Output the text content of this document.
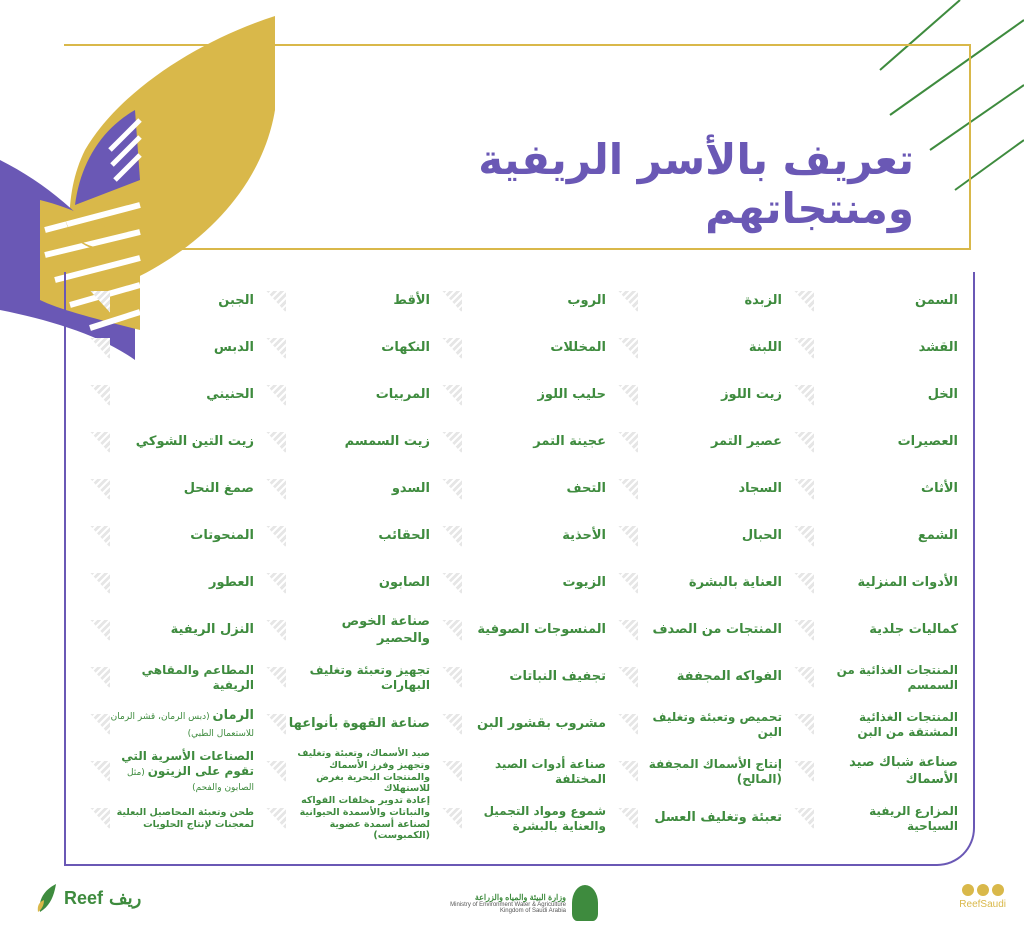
تعريف بالأسر الريفية ومنتجاتهم
السمن
الزبدة
الروب
الأقط
الجبن
القشد
اللبنة
المخللات
النكهات
الدبس
الخل
زيت اللوز
حليب اللوز
المربيات
الحنيني
العصيرات
عصير التمر
عجينة التمر
زيت السمسم
زيت التين الشوكي
الأثاث
السجاد
التحف
السدو
صمغ النحل
الشمع
الحبال
الأحذية
الحقائب
المنحوتات
الأدوات المنزلية
العناية بالبشرة
الزيوت
الصابون
العطور
كماليات جلدية
المنتجات من الصدف
المنسوجات الصوفية
صناعة الخوص والحصير
النزل الريفية
المنتجات الغذائية من السمسم
الفواكه المجففة
تجفيف النباتات
تجهيز وتعبئة وتغليف البهارات
المطاعم والمقاهي الريفية
المنتجات الغذائية المشتقة من البن
تحميص وتعبئة وتغليف البن
مشروب بقشور البن
صناعة القهوة بأنواعها
الرمان (دبس الرمان، قشر الرمان للاستعمال الطبي)
صناعة شباك صيد الأسماك
إنتاج الأسماك المجففة (المالح)
صناعة أدوات الصيد المختلفة
صيد الأسماك، وتعبئة وتغليف وتجهيز وفرز الأسماك والمنتجات البحرية بغرض للاستهلاك
الصناعات الأسرية التي تقوم على الزيتون (مثل الصابون والفحم)
المزارع الريفية السياحية
تعبئة وتغليف العسل
شموع ومواد التجميل والعناية بالبشرة
إعادة تدوير مخلفات الفواكه والنباتات والأسمدة الحيوانية لصناعة أسمدة عضوية (الكمبوست)
طحن وتعبئة المحاصيل البعلية لمعجنات لإنتاج الحلويات
Reef ريف	وزارة البيئة والمياه والزراعة
Ministry of Environment Water & Agriculture
Kingdom of Saudi Arabia
ReefSaudi
